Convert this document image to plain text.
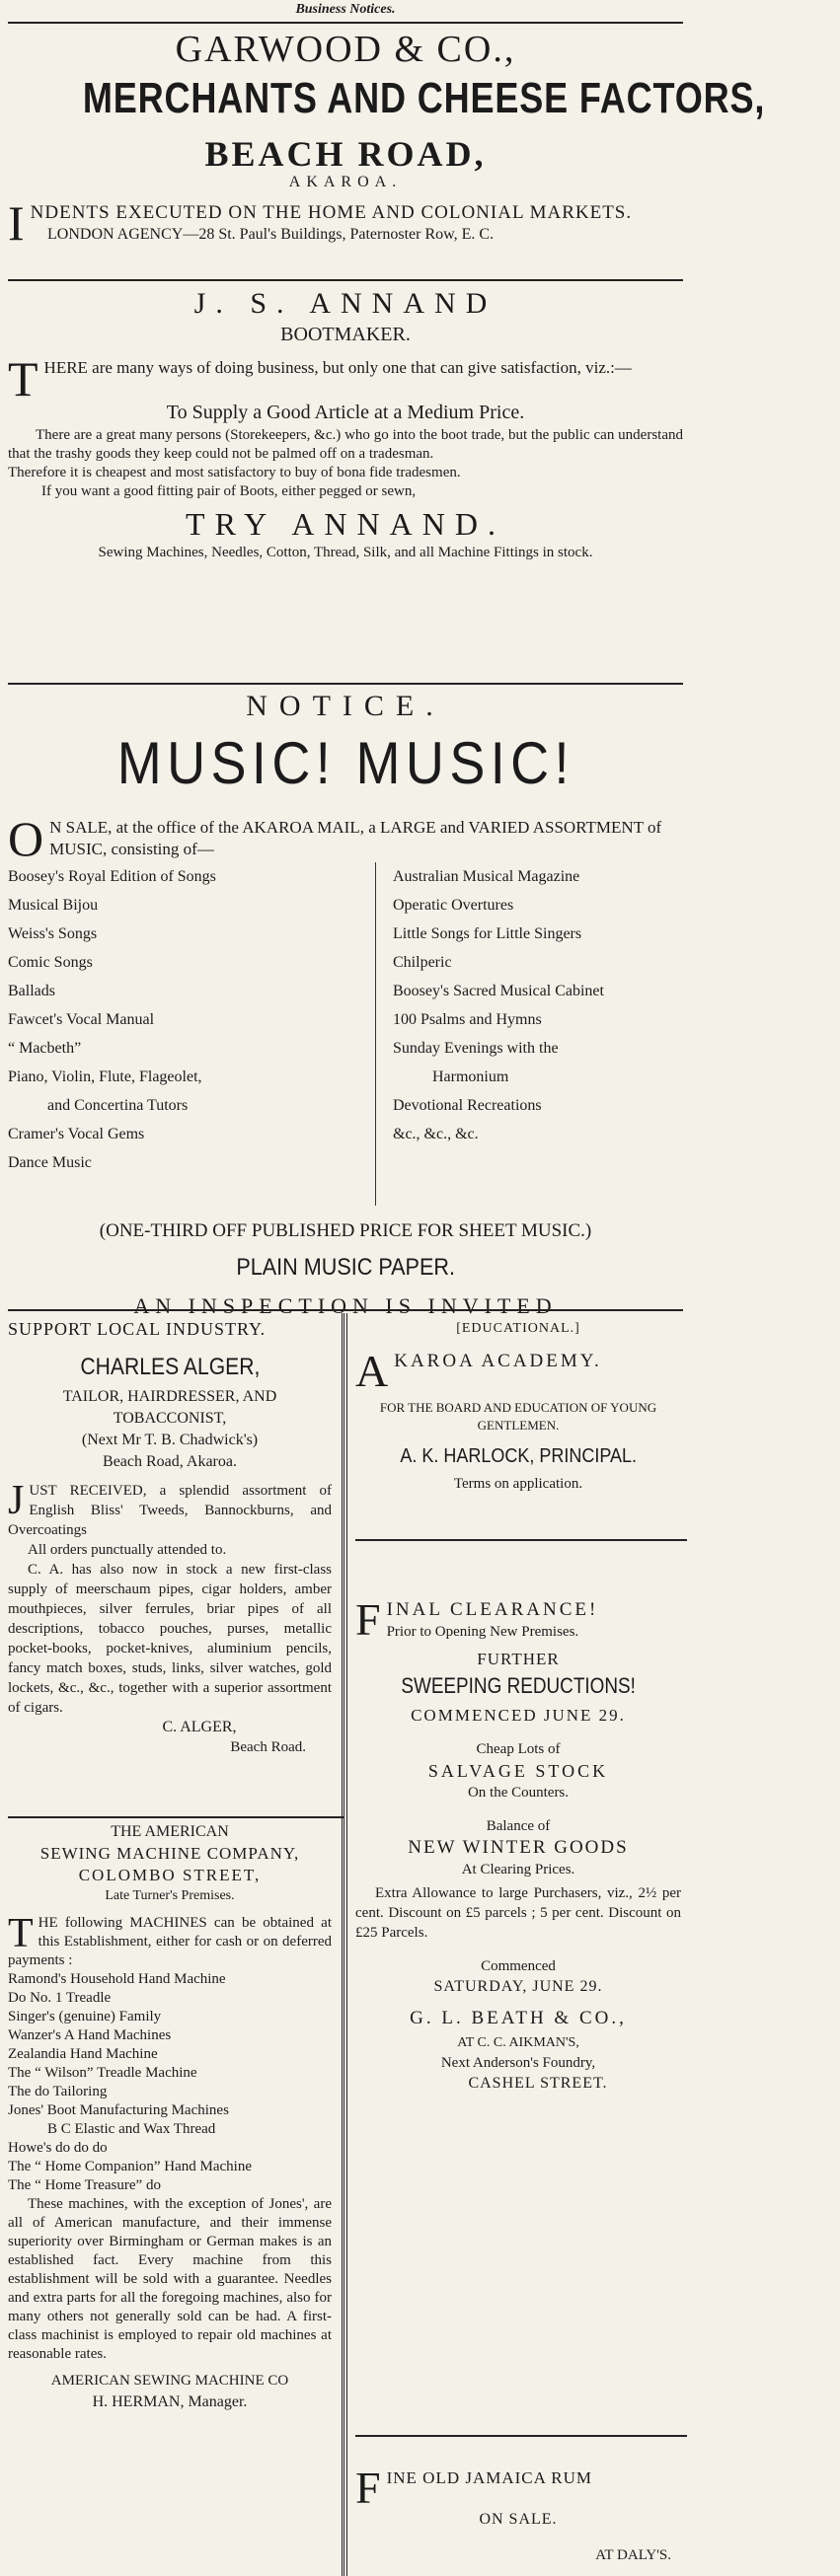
Business Notices.
GARWOOD & CO.,
MERCHANTS AND CHEESE FACTORS,
BEACH ROAD,
AKAROA.
I NDENTS EXECUTED ON THE HOME AND COLONIAL MARKETS.

LONDON AGENCY—28 St. Paul's Buildings, Paternoster Row, E. C.

J. S. ANNAND
BOOTMAKER.
T HERE are many ways of doing business, but only one that can give satisfaction, viz.:—

To Supply a Good Article at a Medium Price.

There are a great many persons (Storekeepers, &c.) who go into the boot trade, but the public can understand that the trashy goods they keep could not be palmed off on a tradesman.

Therefore it is cheapest and most satisfactory to buy of bona fide tradesmen.

If you want a good fitting pair of Boots, either pegged or sewn,

TRY ANNAND.

Sewing Machines, Needles, Cotton, Thread, Silk, and all Machine Fittings in stock.

NOTICE.
MUSIC! MUSIC!
O N SALE, at the office of the AKAROA MAIL, a LARGE and VARIED ASSORTMENT of MUSIC, consisting of—

Boosey's Royal Edition of Songs
Musical Bijou
Weiss's Songs
Comic Songs
Ballads
Fawcet's Vocal Manual
“ Macbeth”
Piano, Violin, Flute, Flageolet,
and Concertina Tutors
Cramer's Vocal Gems
Dance Music
Australian Musical Magazine
Operatic Overtures
Little Songs for Little Singers
Chilperic
Boosey's Sacred Musical Cabinet
100 Psalms and Hymns
Sunday Evenings with the
Harmonium
Devotional Recreations
&c., &c., &c.
(ONE-THIRD OFF PUBLISHED PRICE FOR SHEET MUSIC.)
PLAIN MUSIC PAPER.
AN INSPECTION IS INVITED
SUPPORT LOCAL INDUSTRY.
CHARLES ALGER,
TAILOR, HAIRDRESSER, AND TOBACCONIST,
(Next Mr T. B. Chadwick's)
Beach Road, Akaroa.
J UST RECEIVED, a splendid assortment of English Bliss' Tweeds, Bannockburns, and Overcoatings

All orders punctually attended to.

C. A. has also now in stock a new first-class supply of meerschaum pipes, cigar holders, amber mouthpieces, silver ferrules, briar pipes of all descriptions, tobacco pouches, purses, metallic pocket-books, pocket-knives, aluminium pencils, fancy match boxes, studs, links, silver watches, gold lockets, &c., &c., together with a superior assortment of cigars.

C. ALGER,
Beach Road.
THE AMERICAN
SEWING MACHINE COMPANY,
COLOMBO STREET,
Late Turner's Premises.
T HE following MACHINES can be obtained at this Establishment, either for cash or on deferred payments :

Ramond's Household Hand Machine
Do No. 1 Treadle
Singer's (genuine) Family
Wanzer's A Hand Machines
Zealandia Hand Machine
The “ Wilson” Treadle Machine
The do Tailoring
Jones' Boot Manufacturing Machines
B C Elastic and Wax Thread
Howe's do do do
The “ Home Companion” Hand Machine
The “ Home Treasure” do

These machines, with the exception of Jones', are all of American manufacture, and their immense superiority over Birmingham or German makes is an established fact. Every machine from this establishment will be sold with a guarantee. Needles and extra parts for all the foregoing machines, also for many others not generally sold can be had. A first-class machinist is employed to repair old machines at reasonable rates.

AMERICAN SEWING MACHINE CO
H. HERMAN, Manager.
[EDUCATIONAL.]
A KAROA ACADEMY.

FOR THE BOARD AND EDUCATION OF YOUNG GENTLEMEN.
A. K. HARLOCK, PRINCIPAL.
Terms on application.
F INAL CLEARANCE!

Prior to Opening New Premises.

FURTHER
SWEEPING REDUCTIONS!
COMMENCED JUNE 29.
Cheap Lots of
SALVAGE STOCK
On the Counters.
Balance of
NEW WINTER GOODS
At Clearing Prices.

Extra Allowance to large Purchasers, viz., 2½ per cent. Discount on £5 parcels ; 5 per cent. Discount on £25 Parcels.

Commenced
SATURDAY, JUNE 29.
G. L. BEATH & CO.,
AT C. C. AIKMAN'S,
Next Anderson's Foundry,
CASHEL STREET.
F INE OLD JAMAICA RUM

ON SALE.
AT DALY'S.
